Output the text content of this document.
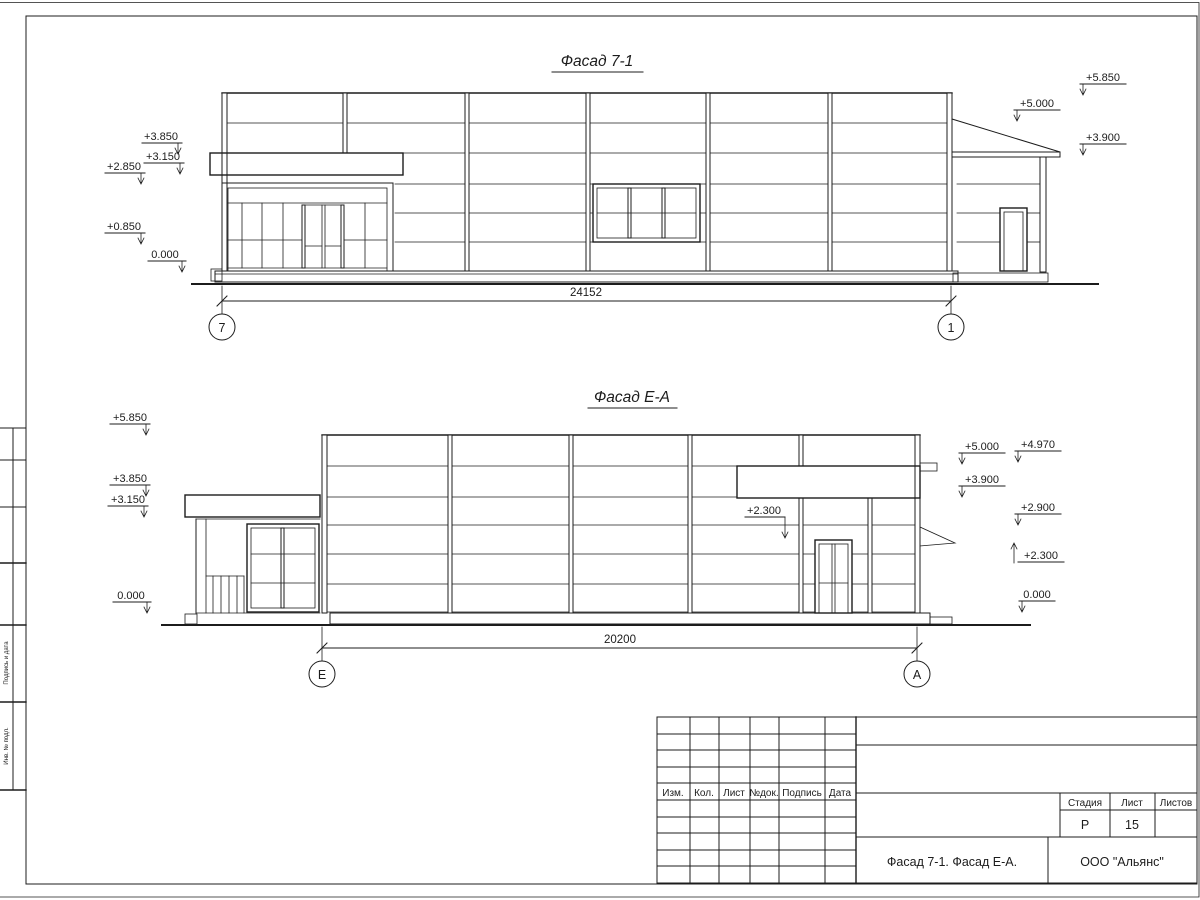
Подпись и дата
Инв. № подл.
Фасад 7-1
+3.850
+3.150
+2.850
+0.850
0.000
+5.850
+5.000
+3.900
24152
7	1
Фасад Е-А
+2.300
+5.850
+3.850
+3.150
0.000
+5.000 +4.970
+3.900
+2.900
+2.300
0.000
20200
Е	А
Изм. Кол. Лист №док. Подпись Дата
Стадия Лист Листов
Р	15
Фасад 7-1. Фасад Е-А.	ООО "Альянс"
